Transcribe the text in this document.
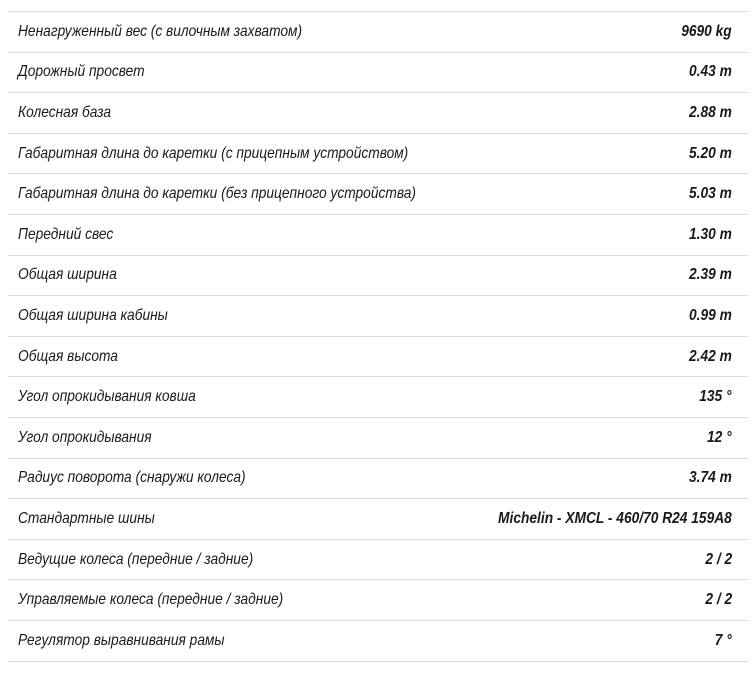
Ненагруженный вес (с вилочным захватом)	9690 kg
Дорожный просвет	0.43 m
Колесная база	2.88 m
Габаритная длина до каретки (с прицепным устройством)	5.20 m
Габаритная длина до каретки (без прицепного устройства)	5.03 m
Передний свес	1.30 m
Общая ширина	2.39 m
Общая ширина кабины	0.99 m
Общая высота	2.42 m
Угол опрокидывания ковша	135 °
Угол опрокидывания	12 °
Радиус поворота (снаружи колеса)	3.74 m
Стандартные шины	Michelin - XMCL - 460/70 R24 159A8
Ведущие колеса (передние / задние)	2 / 2
Управляемые колеса (передние / задние)	2 / 2
Регулятор выравнивания рамы	7 °
